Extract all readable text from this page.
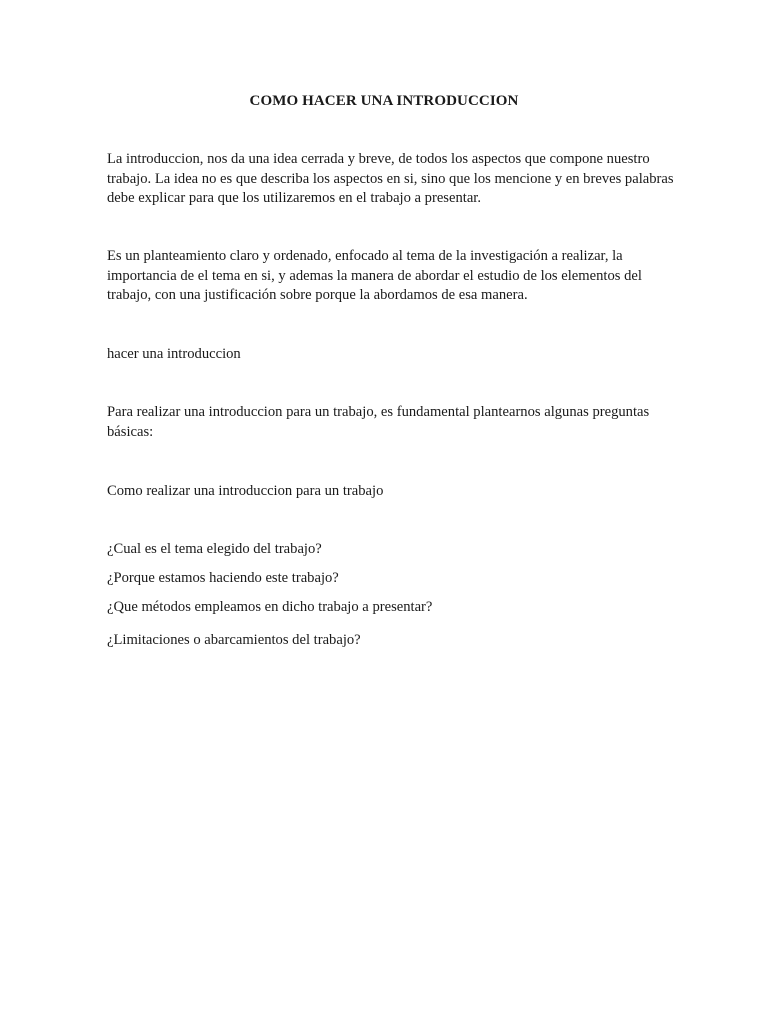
COMO HACER UNA INTRODUCCION

La introduccion, nos da una idea cerrada y breve, de todos los aspectos que compone nuestro trabajo. La idea no es que describa los aspectos en si, sino que los mencione y en breves palabras debe explicar para que los utilizaremos en el trabajo a presentar.

Es un planteamiento claro y ordenado, enfocado al tema de la investigación a realizar, la importancia de el tema en si, y ademas la manera de abordar el estudio de los elementos del trabajo, con una justificación sobre porque la abordamos de esa manera.

hacer una introduccion

Para realizar una introduccion para un trabajo, es fundamental plantearnos algunas preguntas básicas:

Como realizar una introduccion para un trabajo

¿Cual es el tema elegido del trabajo?

¿Porque estamos haciendo este trabajo?

¿Que métodos empleamos en dicho trabajo a presentar?

¿Limitaciones o abarcamientos del trabajo?
